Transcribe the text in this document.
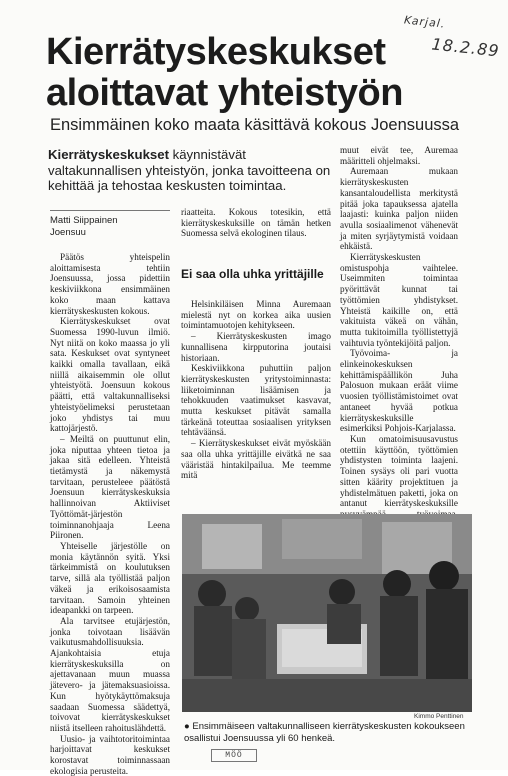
Karjal.
18.2.89
Kierrätyskeskukset aloittavat yhteistyön
Ensimmäinen koko maata käsittävä kokous Joensuussa
Kierrätyskeskukset käynnistävät valtakunnallisen yhteistyön, jonka tavoitteena on kehittää ja tehostaa keskusten toimintaa.
Matti Siippainen
Joensuu

Päätös yhteispelin aloittamisesta tehtiin Joensuussa, jossa pidettiin keskiviikkona ensimmäinen koko maan kattava kierrätyskeskusten kokous.

Kierrätyskeskukset ovat Suomessa 1990-luvun ilmiö. Nyt niitä on koko maassa jo yli sata. Keskukset ovat syntyneet kaikki omalla tavallaan, eikä niillä aikaisemmin ole ollut yhteistyötä. Joensuun kokous päätti, että valtakunnalliseksi yhteistyöelimeksi perustetaan joko yhdistys tai muu kattojärjestö.

– Meiltä on puuttunut elin, joka niputtaa yhteen tietoa ja jakaa sitä edelleen. Yhteistä tietämystä ja näkemystä tarvitaan, perusteleee päätöstä Joensuun kierrätyskeskuksia hallinnoivan Aktiiviset Työttömät-järjestön toiminnanohjaaja Leena Piironen.

Yhteiselle järjestölle on monia käytännön syitä. Yksi tärkeimmistä on koulutuksen tarve, sillä ala työllistää paljon väkeä ja erikoisosaamista tarvitaan. Samoin yhteinen ideapankki on tarpeen.

Ala tarvitsee etujärjestön, jonka toivotaan lisäävän vaikutusmahdollisuuksia. Ajankohtaisia etuja kierrätyskeskuksilla on ajettavanaan muun muassa jäteverо- ja jätemaksuasioissa. Kun hyötykäyttömaksuja saadaan Suomessa säädettyä, toivovat kierrätyskeskukset niistä itselleen rahoituslähdettä.

Uusio- ja vaihtotoritoimintaa harjoittavat keskukset korostavat toiminnassaan ekologisia perusteita.

riaatteita. Kokous totesikin, että kierrätyskeskuksille on tämän hetken Suomessa selvä ekologinen tilaus.

Ei saa olla uhka yrittäjille

Helsinkiläisen Minna Auremaan mielestä nyt on korkea aika uusien toimintamuotojen kehitykseen.

– Kierrätyskeskusten imago kunnallisena kirpputorina joutaisi historiaan.

Keskiviikkona puhuttiin paljon kierrätyskeskusten yritystoiminnasta: liiketoiminnan lisäämisen ja tehokkuuden vaatimukset kasvavat, mutta keskukset pitävät samalla tärkeänä toteuttaa sosiaalisen yrityksen tehtäväänsä.

– Kierrätyskeskukset eivät myöskään saa olla uhka yrittäjille eivätkä ne saa vääristää hintakilpailua. Me teemme mitä

muut eivät tee, Auremaa määrittelі ohjelmaksi.

Auremaan mukaan kierrätyskeskusten kansantaloudellista merkitystä pitää joka tapauksessa ajatella laajasti: kuinka paljon niiden avulla sosiaalimenot vähenevät ja miten syrjäytymistä voidaan ehkäistä.

Kierrätyskeskusten omistuspohja vaihtelee. Useimmiten toimintaa pyörittävät kunnat tai työttömien yhdistykset. Yhteistä kaikille on, että vakituista väkeä on vähän, mutta tukitoimilla työllistettyjä vaihtuvia työntekijöitä paljon.

Työvoima- ja elinkeinokeskuksen kehittämispäällikön Juha Palosuon mukaan eräät viime vuosien työllistämistoimet ovat antaneet hyvää potkua kierrätyskeskuksille esimerkiksi Pohjois-Karjalassa.

Kun omatoimisuusavustus otettiin käyttöön, työttömien yhdistysten toiminta laajeni. Toinen sysäys oli pari vuotta sitten käärity projektituen ja yhdistelmätuen paketti, joka on antanut kierrätyskeskuksille

Kimmo Penttinen
● Ensimmäiseen valtakunnalliseen kierrätyskeskusten kokoukseen osallistui Joensuussa yli 60 henkeä.
MÖÖ
